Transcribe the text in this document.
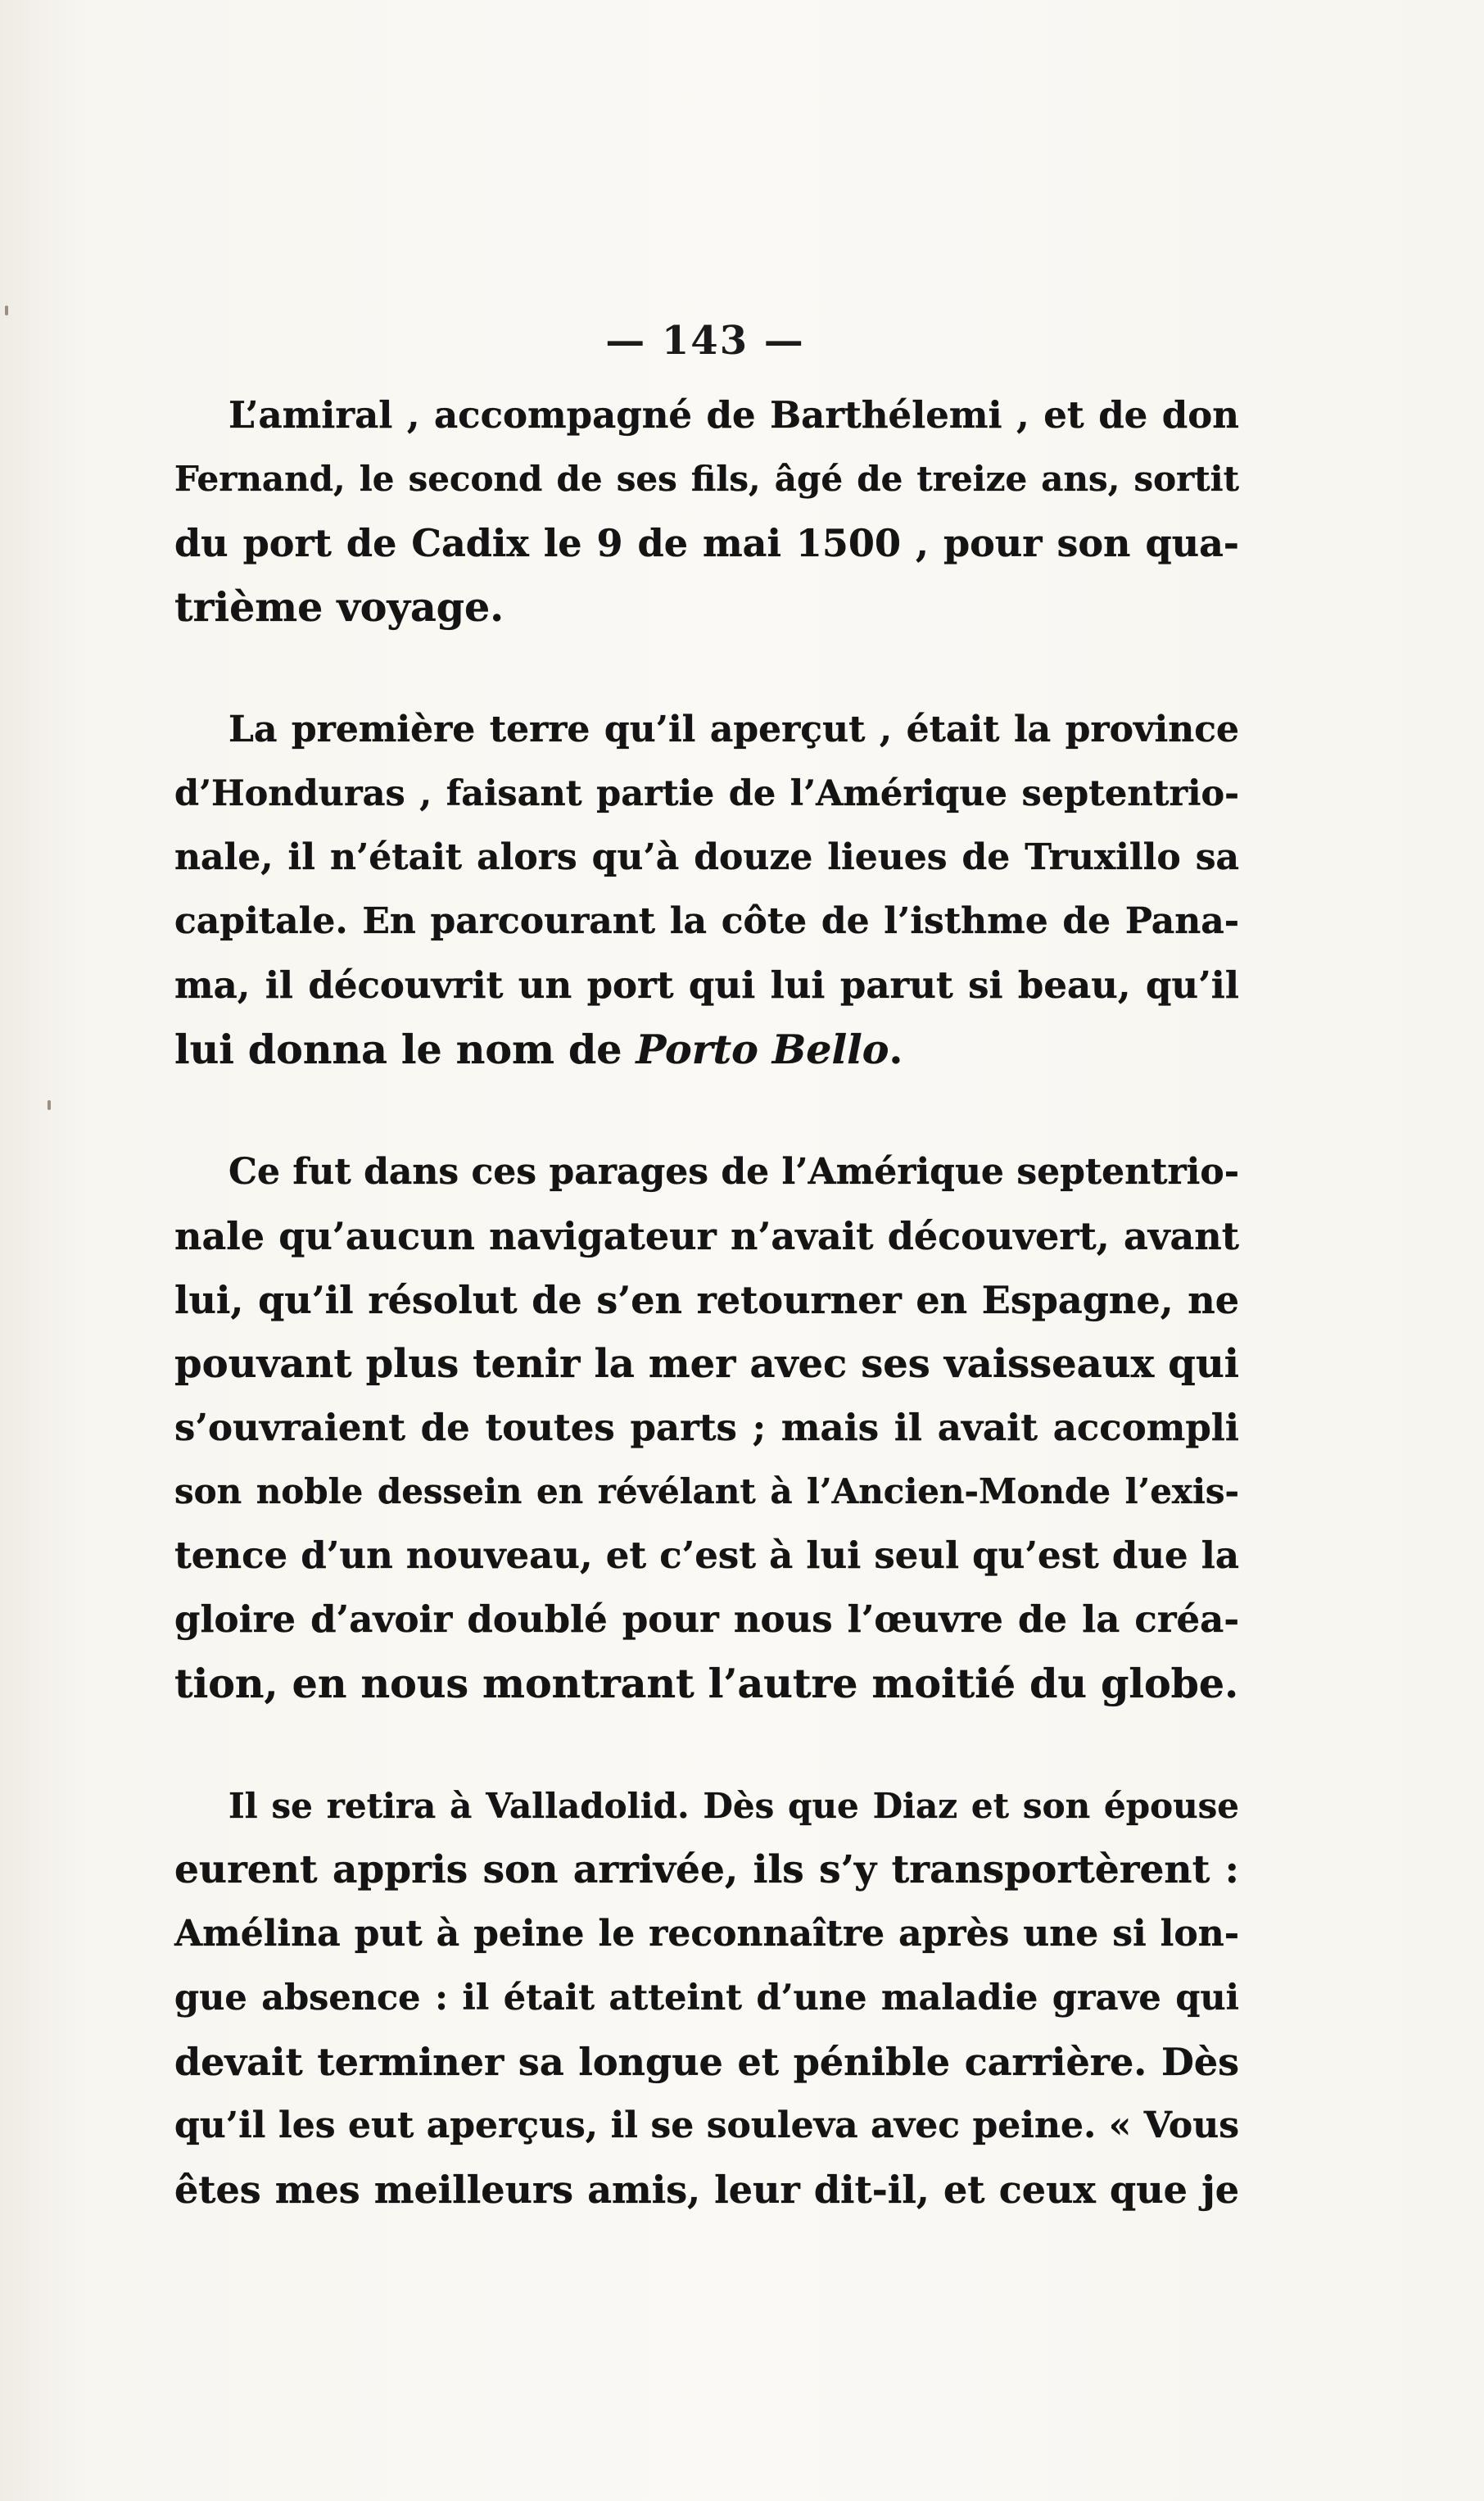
— 143 —
L’amiral , accompagné de Barthélemi , et de don
Fernand, le second de ses fils, âgé de treize ans, sortit
du port de Cadix le 9 de mai 1500 , pour son qua-
trième voyage.
La première terre qu’il aperçut , était la province
d’Honduras , faisant partie de l’Amérique septentrio-
nale, il n’était alors qu’à douze lieues de Truxillo sa
capitale. En parcourant la côte de l’isthme de Pana-
ma, il découvrit un port qui lui parut si beau, qu’il
lui donna le nom de Porto Bello.
Ce fut dans ces parages de l’Amérique septentrio-
nale qu’aucun navigateur n’avait découvert, avant
lui, qu’il résolut de s’en retourner en Espagne, ne
pouvant plus tenir la mer avec ses vaisseaux qui
s’ouvraient de toutes parts ; mais il avait accompli
son noble dessein en révélant à l’Ancien-Monde l’exis-
tence d’un nouveau, et c’est à lui seul qu’est due la
gloire d’avoir doublé pour nous l’œuvre de la créa-
tion, en nous montrant l’autre moitié du globe.
Il se retira à Valladolid. Dès que Diaz et son épouse
eurent appris son arrivée, ils s’y transportèrent :
Amélina put à peine le reconnaître après une si lon-
gue absence : il était atteint d’une maladie grave qui
devait terminer sa longue et pénible carrière. Dès
qu’il les eut aperçus, il se souleva avec peine. « Vous
êtes mes meilleurs amis, leur dit-il, et ceux que je
